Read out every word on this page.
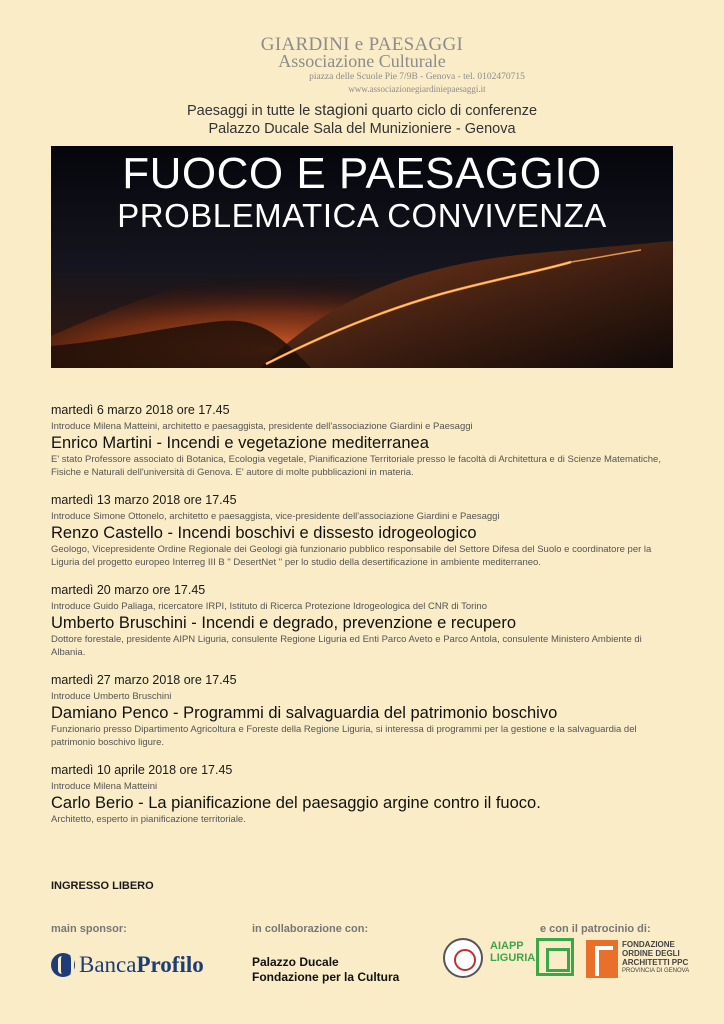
GIARDINI e PAESAGGI
Associazione Culturale
piazza delle Scuole Pie 7/9B - Genova - tel. 0102470715
www.associazionegiardiniepaesaggi.it
Paesaggi in tutte le stagioni quarto ciclo di conferenze
Palazzo Ducale Sala del Munizioniere - Genova
FUOCO E PAESAGGIO
PROBLEMATICA CONVIVENZA
martedì 6 marzo 2018 ore 17.45
Introduce Milena Matteini, architetto e paesaggista, presidente dell'associazione Giardini e Paesaggi
Enrico Martini - Incendi e vegetazione mediterranea
E' stato Professore associato di Botanica, Ecologia vegetale, Pianificazione Territoriale presso le facoltà di Architettura e di Scienze Matematiche, Fisiche e Naturali dell'università di Genova. E' autore di molte pubblicazioni in materia.
martedì 13 marzo 2018 ore 17.45
Introduce Simone Ottonelo, architetto e paesaggista, vice-presidente dell'associazione Giardini e Paesaggi
Renzo Castello - Incendi boschivi e dissesto idrogeologico
Geologo, Vicepresidente Ordine Regionale dei Geologi già funzionario pubblico responsabile del Settore Difesa del Suolo e coordinatore per la Liguria del progetto europeo Interreg III B " DesertNet " per lo studio della desertificazione in ambiente mediterraneo.
martedì 20 marzo ore 17.45
Introduce Guido Paliaga, ricercatore IRPI, Istituto di Ricerca Protezione Idrogeologica del CNR di Torino
Umberto Bruschini - Incendi e degrado, prevenzione e recupero
Dottore forestale, presidente AIPN Liguria, consulente Regione Liguria ed Enti Parco Aveto e Parco Antola, consulente Ministero Ambiente di Albania.
martedì 27 marzo 2018 ore 17.45
Introduce Umberto Bruschini
Damiano Penco - Programmi di salvaguardia del patrimonio boschivo
Funzionario presso Dipartimento Agricoltura e Foreste della Regione Liguria, si interessa di programmi per la gestione e la salvaguardia del patrimonio boschivo ligure.
martedì 10 aprile 2018 ore 17.45
Introduce Milena Matteini
Carlo Berio - La pianificazione del paesaggio argine contro il fuoco.
Architetto, esperto in pianificazione territoriale.
INGRESSO LIBERO
main sponsor:	in collaborazione con:	e con il patrocinio di:
BancaProfilo	Palazzo Ducale
Fondazione per la Cultura
AIAPP
LIGURIA
FONDAZIONE
ORDINE DEGLI
ARCHITETTI PPC
PROVINCIA DI GENOVA
